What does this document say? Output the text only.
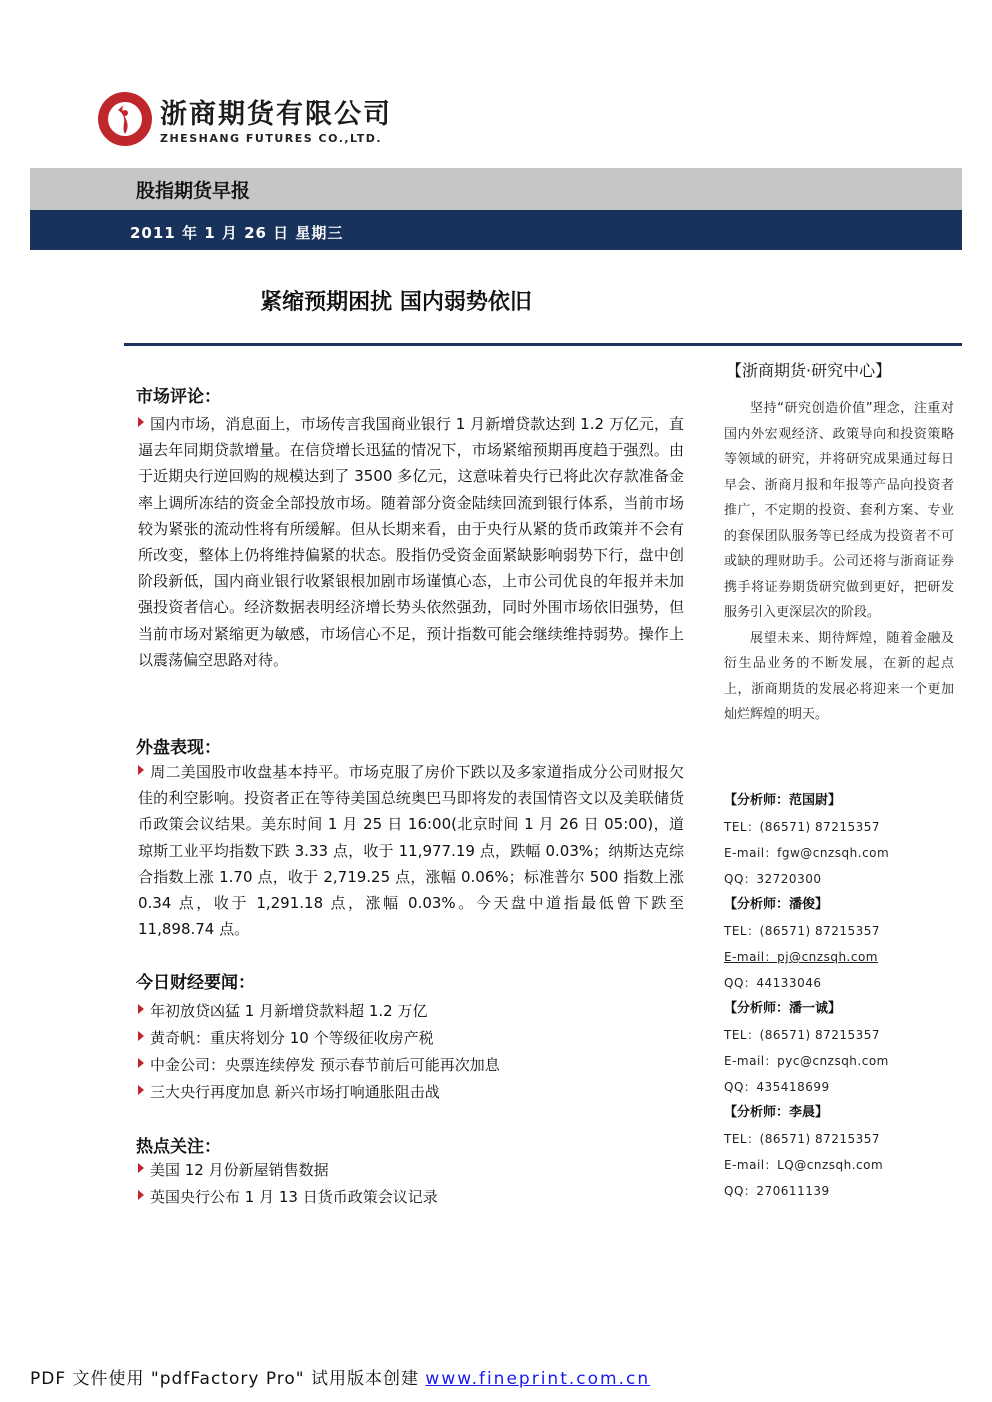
浙商期货有限公司
ZHESHANG FUTURES CO.,LTD.
股指期货早报
2011 年 1 月 26 日 星期三
紧缩预期困扰 国内弱势依旧
市场评论：
国内市场，消息面上，市场传言我国商业银行 1 月新增贷款达到 1.2 万亿元，直逼去年同期贷款增量。在信贷增长迅猛的情况下，市场紧缩预期再度趋于强烈。由于近期央行逆回购的规模达到了 3500 多亿元，这意味着央行已将此次存款准备金率上调所冻结的资金全部投放市场。随着部分资金陆续回流到银行体系，当前市场较为紧张的流动性将有所缓解。但从长期来看，由于央行从紧的货币政策并不会有所改变，整体上仍将维持偏紧的状态。股指仍受资金面紧缺影响弱势下行，盘中创阶段新低，国内商业银行收紧银根加剧市场谨慎心态，上市公司优良的年报并未加强投资者信心。经济数据表明经济增长势头依然强劲，同时外围市场依旧强势，但当前市场对紧缩更为敏感，市场信心不足，预计指数可能会继续维持弱势。操作上以震荡偏空思路对待。
外盘表现：
周二美国股市收盘基本持平。市场克服了房价下跌以及多家道指成分公司财报欠佳的利空影响。投资者正在等待美国总统奥巴马即将发的表国情咨文以及美联储货币政策会议结果。美东时间 1 月 25 日 16:00(北京时间 1 月 26 日 05:00)，道琼斯工业平均指数下跌 3.33 点，收于 11,977.19 点，跌幅 0.03%；纳斯达克综合指数上涨 1.70 点，收于 2,719.25 点，涨幅 0.06%；标准普尔 500 指数上涨 0.34 点，收于 1,291.18 点，涨幅 0.03%。今天盘中道指最低曾下跌至 11,898.74 点。
今日财经要闻：
年初放贷凶猛 1 月新增贷款料超 1.2 万亿
黄奇帆：重庆将划分 10 个等级征收房产税
中金公司：央票连续停发 预示春节前后可能再次加息
三大央行再度加息 新兴市场打响通胀阻击战
热点关注：
美国 12 月份新屋销售数据
英国央行公布 1 月 13 日货币政策会议记录
【浙商期货·研究中心】

坚持“研究创造价值”理念，注重对国内外宏观经济、政策导向和投资策略等领域的研究，并将研究成果通过每日早会、浙商月报和年报等产品向投资者推广，不定期的投资、套利方案、专业的套保团队服务等已经成为投资者不可或缺的理财助手。公司还将与浙商证券携手将证券期货研究做到更好，把研发服务引入更深层次的阶段。

展望未来、期待辉煌，随着金融及衍生品业务的不断发展，在新的起点上，浙商期货的发展必将迎来一个更加灿烂辉煌的明天。

【分析师：范国尉】
TEL：(86571) 87215357
E-mail：fgw@cnzsqh.com
QQ：32720300
【分析师：潘俊】
TEL：(86571) 87215357
E-mail：pj@cnzsqh.com
QQ：44133046
【分析师：潘一诚】
TEL：(86571) 87215357
E-mail：pyc@cnzsqh.com
QQ：435418699
【分析师：李晨】
TEL：(86571) 87215357
E-mail：LQ@cnzsqh.com
QQ：270611139
PDF 文件使用 "pdfFactory Pro" 试用版本创建 www.fineprint.com.cn
